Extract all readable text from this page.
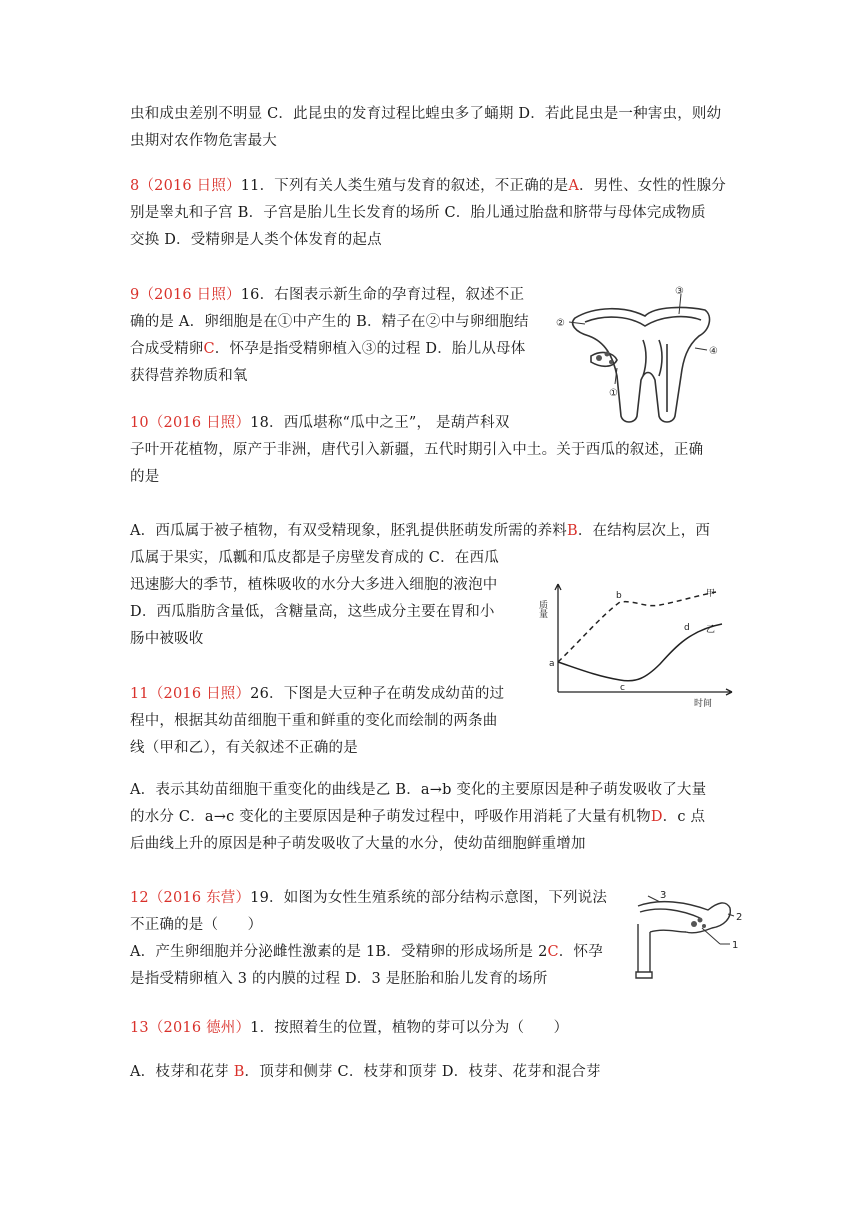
虫和成虫差别不明显 C．此昆虫的发育过程比蝗虫多了蛹期 D．若此昆虫是一种害虫，则幼
虫期对农作物危害最大
8（2016 日照）11．下列有关人类生殖与发育的叙述，不正确的是A．男性、女性的性腺分
别是睾丸和子宫 B．子宫是胎儿生长发育的场所 C．胎儿通过胎盘和脐带与母体完成物质
交换 D．受精卵是人类个体发育的起点
9（2016 日照）16．右图表示新生命的孕育过程，叙述不正
确的是 A．卵细胞是在①中产生的 B．精子在②中与卵细胞结
合成受精卵C．怀孕是指受精卵植入③的过程 D．胎儿从母体
获得营养物质和氧
②
③
①
④
10（2016 日照）18．西瓜堪称“瓜中之王”， 是葫芦科双
子叶开花植物，原产于非洲，唐代引入新疆，五代时期引入中土。关于西瓜的叙述，正确
的是
A．西瓜属于被子植物，有双受精现象，胚乳提供胚萌发所需的养料B．在结构层次上，西
瓜属于果实，瓜瓤和瓜皮都是子房壁发育成的 C．在西瓜
迅速膨大的季节，植株吸收的水分大多进入细胞的液泡中
D．西瓜脂肪含量低，含糖量高，这些成分主要在胃和小
肠中被吸收
质量
时间
甲
乙
a
b
c
d
11（2016 日照）26．下图是大豆种子在萌发成幼苗的过
程中，根据其幼苗细胞干重和鲜重的变化而绘制的两条曲
线（甲和乙），有关叙述不正确的是
A．表示其幼苗细胞干重变化的曲线是乙 B．a→b 变化的主要原因是种子萌发吸收了大量
的水分 C．a→c 变化的主要原因是种子萌发过程中，呼吸作用消耗了大量有机物D．c 点
后曲线上升的原因是种子萌发吸收了大量的水分，使幼苗细胞鲜重增加
12（2016 东营）19．如图为女性生殖系统的部分结构示意图，下列说法
不正确的是（　　）
A．产生卵细胞并分泌雌性激素的是 1B．受精卵的形成场所是 2C．怀孕
是指受精卵植入 3 的内膜的过程 D．3 是胚胎和胎儿发育的场所
3
2
1
13（2016 德州）1．按照着生的位置，植物的芽可以分为（　　）
A．枝芽和花芽 B．顶芽和侧芽 C．枝芽和顶芽 D．枝芽、花芽和混合芽
